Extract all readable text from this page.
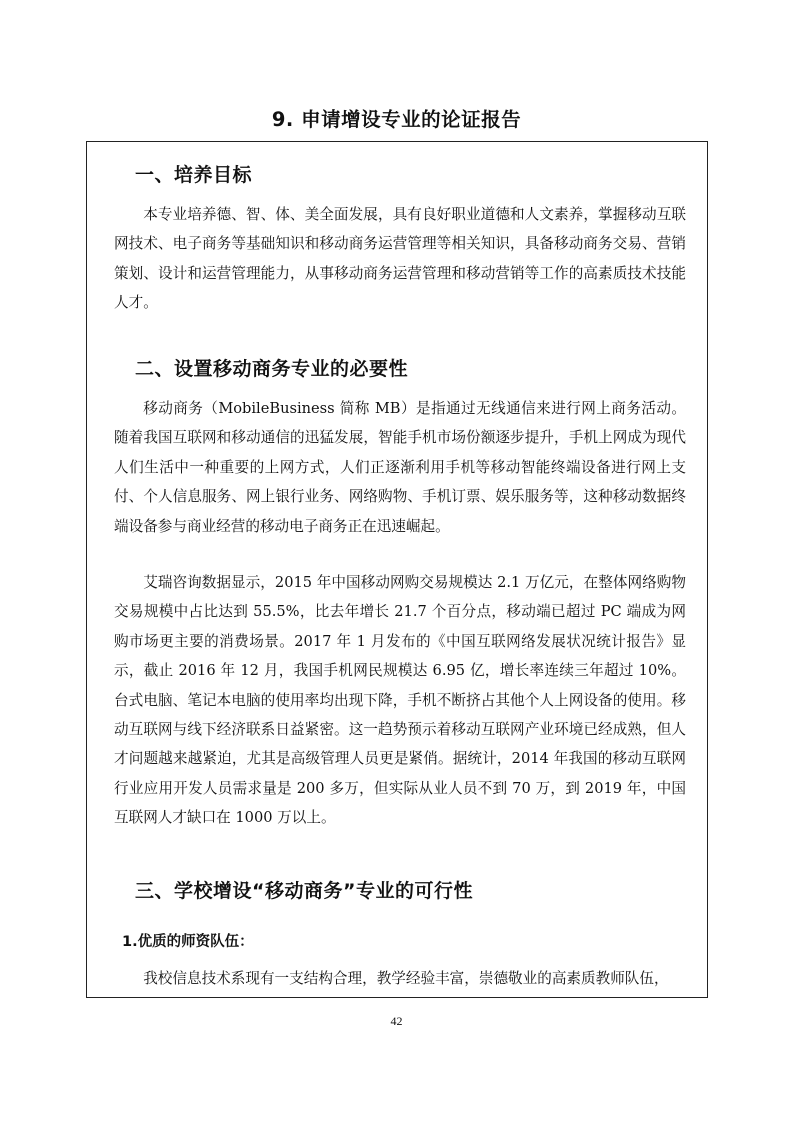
9. 申请增设专业的论证报告
一、培养目标

本专业培养德、智、体、美全面发展，具有良好职业道德和人文素养，掌握移动互联网技术、电子商务等基础知识和移动商务运营管理等相关知识，具备移动商务交易、营销策划、设计和运营管理能力，从事移动商务运营管理和移动营销等工作的高素质技术技能人才。

二、设置移动商务专业的必要性

移动商务（MobileBusiness 简称 MB）是指通过无线通信来进行网上商务活动。随着我国互联网和移动通信的迅猛发展，智能手机市场份额逐步提升，手机上网成为现代人们生活中一种重要的上网方式，人们正逐渐利用手机等移动智能终端设备进行网上支付、个人信息服务、网上银行业务、网络购物、手机订票、娱乐服务等，这种移动数据终端设备参与商业经营的移动电子商务正在迅速崛起。

艾瑞咨询数据显示，2015 年中国移动网购交易规模达 2.1 万亿元，在整体网络购物交易规模中占比达到 55.5%，比去年增长 21.7 个百分点，移动端已超过 PC 端成为网购市场更主要的消费场景。2017 年 1 月发布的《中国互联网络发展状况统计报告》显示，截止 2016 年 12 月，我国手机网民规模达 6.95 亿，增长率连续三年超过 10%。台式电脑、笔记本电脑的使用率均出现下降，手机不断挤占其他个人上网设备的使用。移动互联网与线下经济联系日益紧密。这一趋势预示着移动互联网产业环境已经成熟，但人才问题越来越紧迫，尤其是高级管理人员更是紧俏。据统计，2014 年我国的移动互联网行业应用开发人员需求量是 200 多万，但实际从业人员不到 70 万，到 2019 年，中国互联网人才缺口在 1000 万以上。

三、学校增设“移动商务”专业的可行性
1.优质的师资队伍：

我校信息技术系现有一支结构合理，教学经验丰富，崇德敬业的高素质教师队伍，

42
